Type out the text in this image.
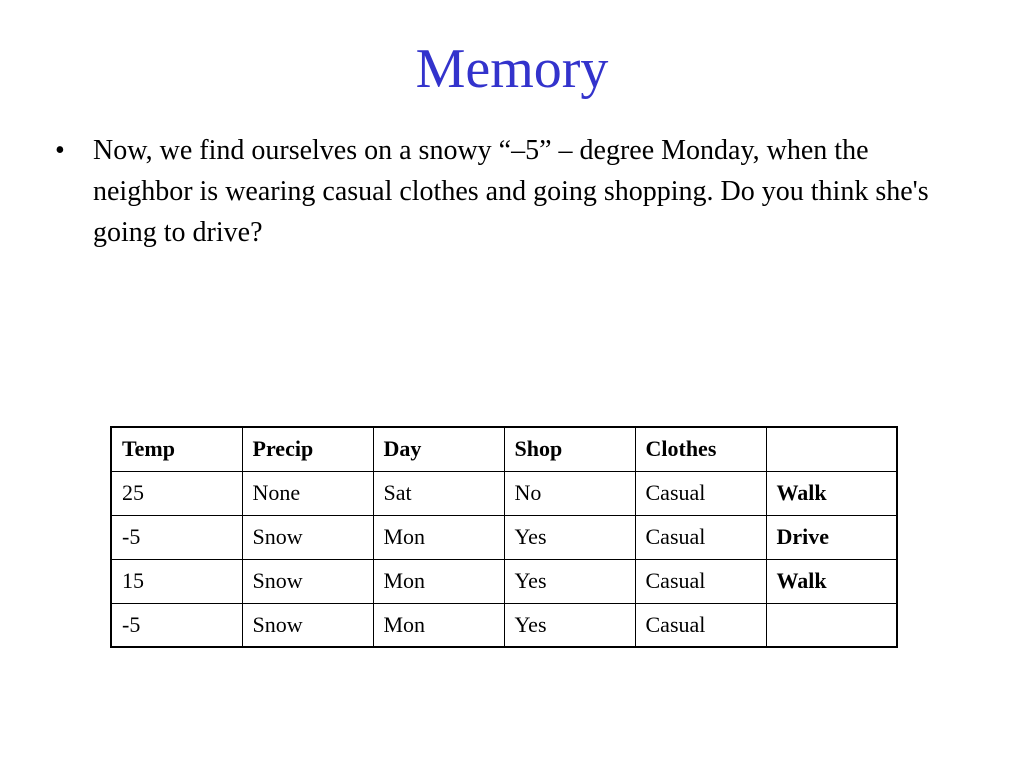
Memory
•	Now, we find ourselves on a snowy “–5” – degree Monday, when the neighbor is wearing casual clothes and going shopping. Do you think she's going to drive?
Temp	Precip	Day	Shop	Clothes	
25	None	Sat	No	Casual	Walk
-5	Snow	Mon	Yes	Casual	Drive
15	Snow	Mon	Yes	Casual	Walk
-5	Snow	Mon	Yes	Casual	
